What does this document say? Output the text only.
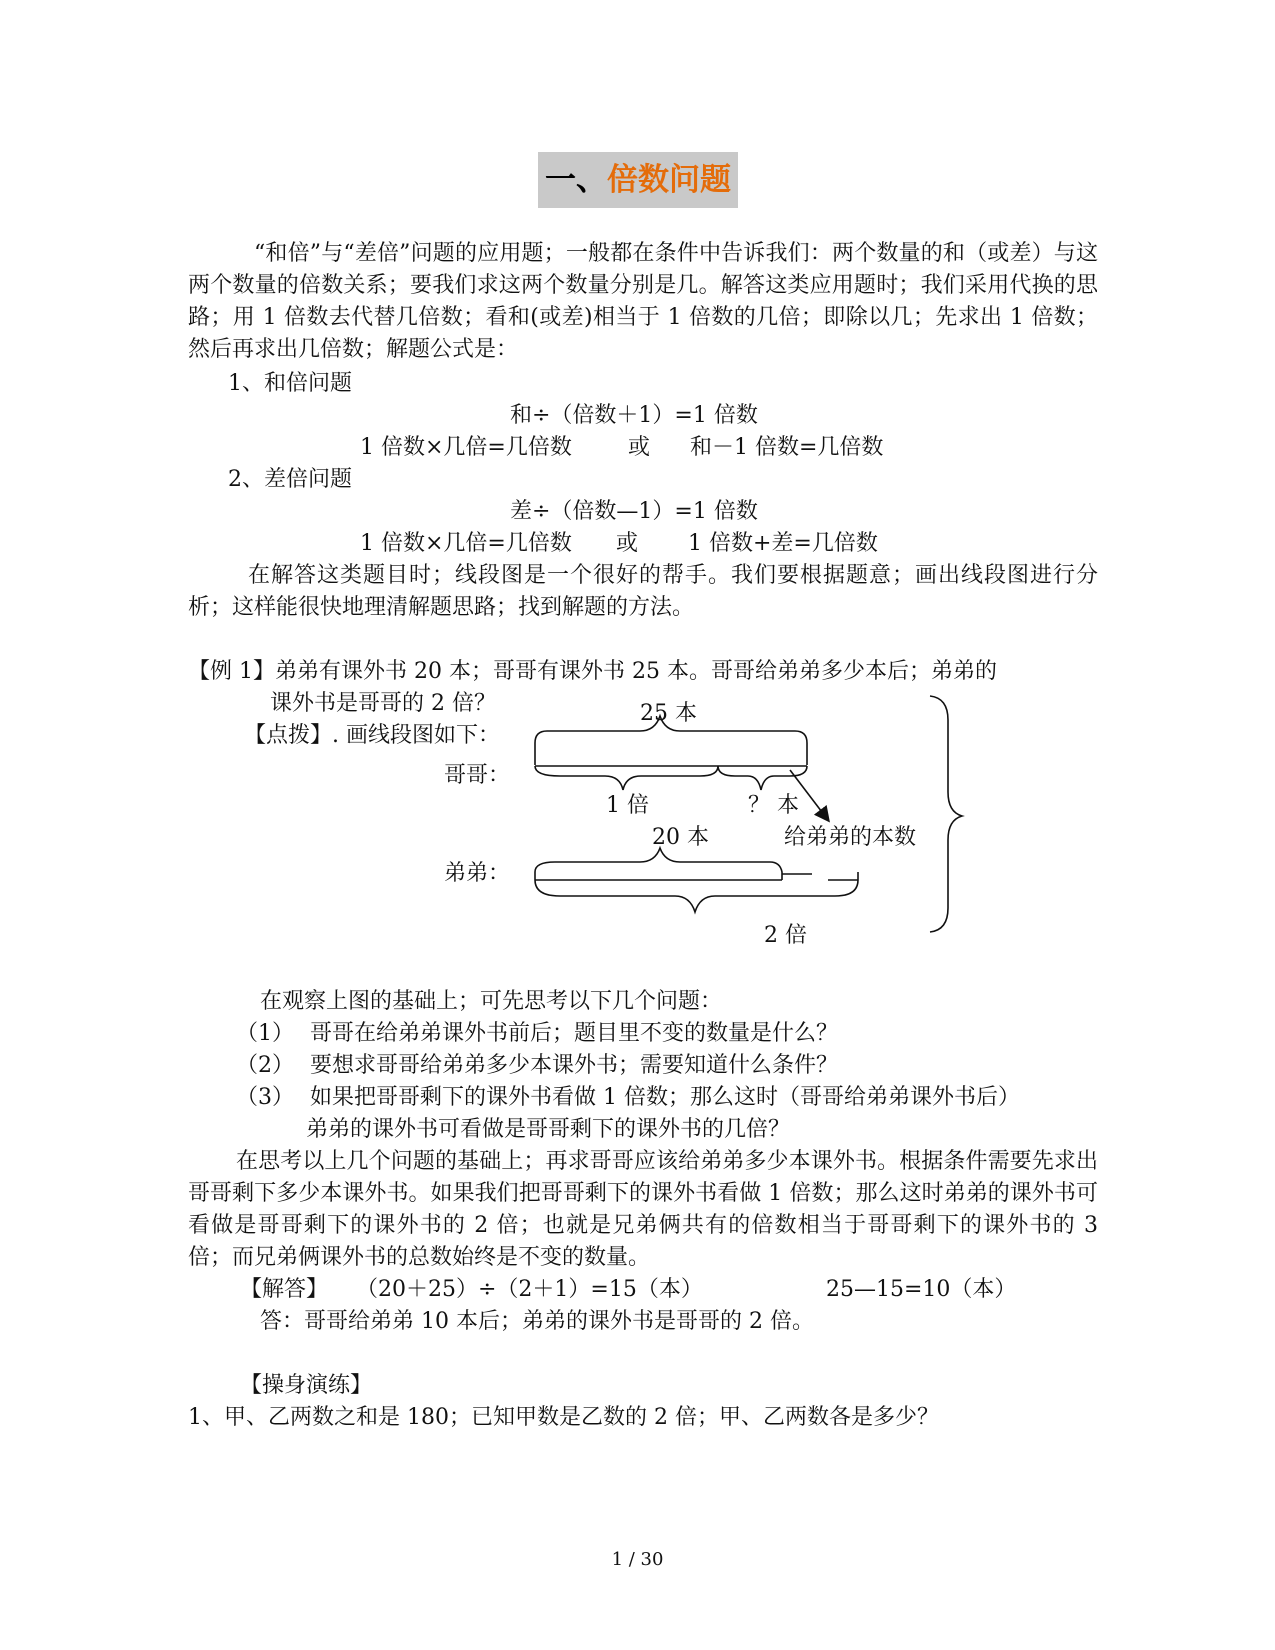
一、倍数问题
“和倍”与“差倍”问题的应用题；一般都在条件中告诉我们：两个数量的和（或差）与这两个数量的倍数关系；要我们求这两个数量分别是几。解答这类应用题时；我们采用代换的思路；用 1 倍数去代替几倍数；看和(或差)相当于 1 倍数的几倍；即除以几；先求出 1 倍数；然后再求出几倍数；解题公式是：
1、和倍问题
和÷（倍数＋1）=1 倍数
1 倍数×几倍=几倍数	或 和－1 倍数=几倍数
2、差倍问题
差÷（倍数—1）=1 倍数
1 倍数×几倍=几倍数 或 1 倍数+差=几倍数
在解答这类题目时；线段图是一个很好的帮手。我们要根据题意；画出线段图进行分析；这样能很快地理清解题思路；找到解题的方法。
【例 1】弟弟有课外书 20 本；哥哥有课外书 25 本。哥哥给弟弟多少本后；弟弟的
课外书是哥哥的 2 倍？
【点拨】. 画线段图如下：
25 本
哥哥：
1 倍	？ 本
20 本	给弟弟的本数
弟弟：
2 倍
在观察上图的基础上；可先思考以下几个问题：
（1） 哥哥在给弟弟课外书前后；题目里不变的数量是什么？
（2） 要想求哥哥给弟弟多少本课外书；需要知道什么条件？
（3） 如果把哥哥剩下的课外书看做 1 倍数；那么这时（哥哥给弟弟课外书后）
弟弟的课外书可看做是哥哥剩下的课外书的几倍？
在思考以上几个问题的基础上；再求哥哥应该给弟弟多少本课外书。根据条件需要先求出哥哥剩下多少本课外书。如果我们把哥哥剩下的课外书看做 1 倍数；那么这时弟弟的课外书可看做是哥哥剩下的课外书的 2 倍；也就是兄弟俩共有的倍数相当于哥哥剩下的课外书的 3 倍；而兄弟俩课外书的总数始终是不变的数量。
【解答】 （20＋25）÷（2＋1）=15（本）	25—15=10（本）
答：哥哥给弟弟 10 本后；弟弟的课外书是哥哥的 2 倍。
【操身演练】
1、甲、乙两数之和是 180；已知甲数是乙数的 2 倍；甲、乙两数各是多少？
1 / 30
